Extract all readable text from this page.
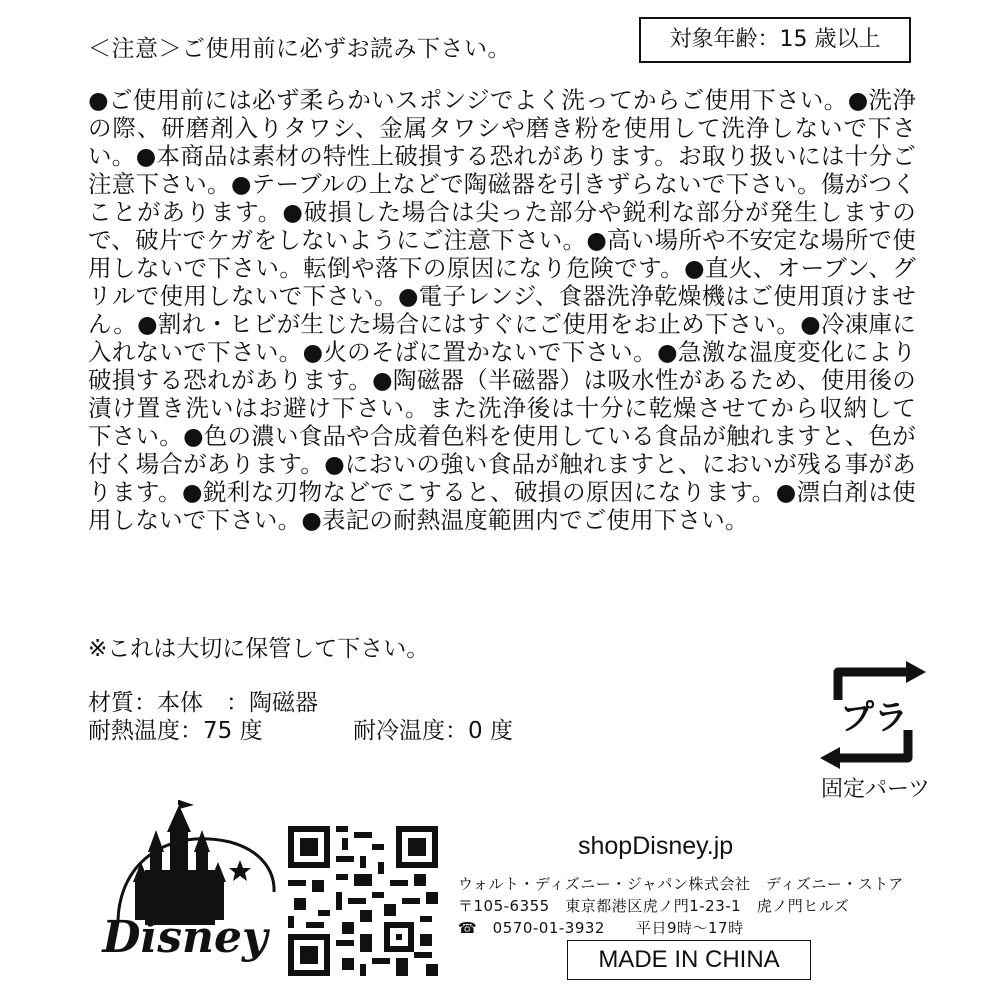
＜注意＞ご使用前に必ずお読み下さい。	対象年齢：15 歳以上
●ご使用前には必ず柔らかいスポンジでよく洗ってからご使用下さい。●洗浄の際、研磨剤入りタワシ、金属タワシや磨き粉を使用して洗浄しないで下さい。●本商品は素材の特性上破損する恐れがあります。お取り扱いには十分ご注意下さい。●テーブルの上などで陶磁器を引きずらないで下さい。傷がつくことがあります。●破損した場合は尖った部分や鋭利な部分が発生しますので、破片でケガをしないようにご注意下さい。●高い場所や不安定な場所で使用しないで下さい。転倒や落下の原因になり危険です。●直火、オーブン、グリルで使用しないで下さい。●電子レンジ、食器洗浄乾燥機はご使用頂けません。●割れ・ヒビが生じた場合にはすぐにご使用をお止め下さい。●冷凍庫に入れないで下さい。●火のそばに置かないで下さい。●急激な温度変化により破損する恐れがあります。●陶磁器（半磁器）は吸水性があるため、使用後の漬け置き洗いはお避け下さい。また洗浄後は十分に乾燥させてから収納して下さい。●色の濃い食品や合成着色料を使用している食品が触れますと、色が付く場合があります。●においの強い食品が触れますと、においが残る事があります。●鋭利な刃物などでこすると、破損の原因になります。●漂白剤は使用しないで下さい。●表記の耐熱温度範囲内でご使用下さい。
※これは大切に保管して下さい。
材質：本体　：陶磁器
耐熱温度：75 度	耐冷温度：0 度	プラ
固定パーツ
Disney
shopDisney.jp
ウォルト・ディズニー・ジャパン株式会社　ディズニー・ストア
〒105-6355　東京都港区虎ノ門1-23-1　虎ノ門ヒルズ
☎　0570-01-3932　　平日9時～17時
MADE IN CHINA
